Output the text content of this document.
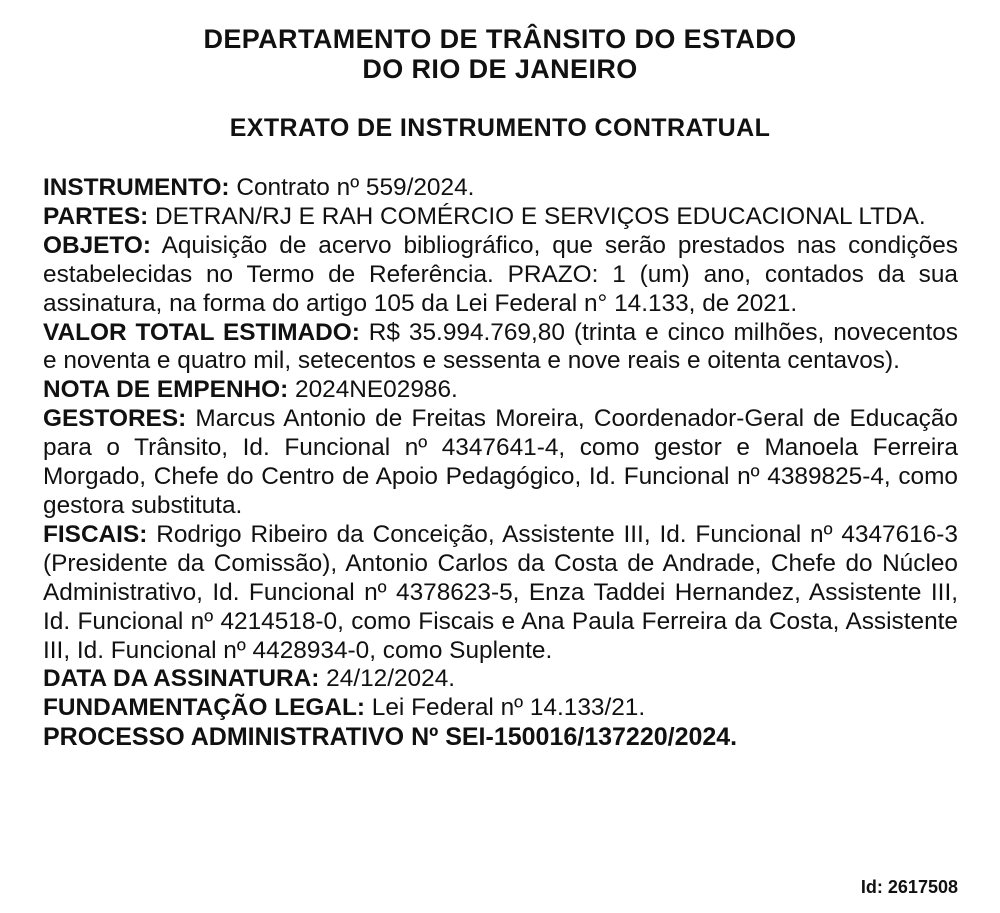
DEPARTAMENTO DE TRÂNSITO DO ESTADO
DO RIO DE JANEIRO
EXTRATO DE INSTRUMENTO CONTRATUAL

INSTRUMENTO: Contrato nº 559/2024.

PARTES: DETRAN/RJ E RAH COMÉRCIO E SERVIÇOS EDUCACIONAL LTDA.

OBJETO: Aquisição de acervo bibliográfico, que serão prestados nas condições estabelecidas no Termo de Referência. PRAZO: 1 (um) ano, contados da sua assinatura, na forma do artigo 105 da Lei Federal n° 14.133, de 2021.

VALOR TOTAL ESTIMADO: R$ 35.994.769,80 (trinta e cinco milhões, novecentos e noventa e quatro mil, setecentos e sessenta e nove reais e oitenta centavos).

NOTA DE EMPENHO: 2024NE02986.

GESTORES: Marcus Antonio de Freitas Moreira, Coordenador-Geral de Educação para o Trânsito, Id. Funcional nº 4347641-4, como gestor e Manoela Ferreira Morgado, Chefe do Centro de Apoio Pedagógico, Id. Funcional nº 4389825-4, como gestora substituta.

FISCAIS: Rodrigo Ribeiro da Conceição, Assistente III, Id. Funcional nº 4347616-3 (Presidente da Comissão), Antonio Carlos da Costa de Andrade, Chefe do Núcleo Administrativo, Id. Funcional nº 4378623-5, Enza Taddei Hernandez, Assistente III, Id. Funcional nº 4214518-0, como Fiscais e Ana Paula Ferreira da Costa, Assistente III, Id. Funcional nº 4428934-0, como Suplente.

DATA DA ASSINATURA: 24/12/2024.

FUNDAMENTAÇÃO LEGAL: Lei Federal nº 14.133/21.

PROCESSO ADMINISTRATIVO Nº SEI-150016/137220/2024.

Id: 2617508
